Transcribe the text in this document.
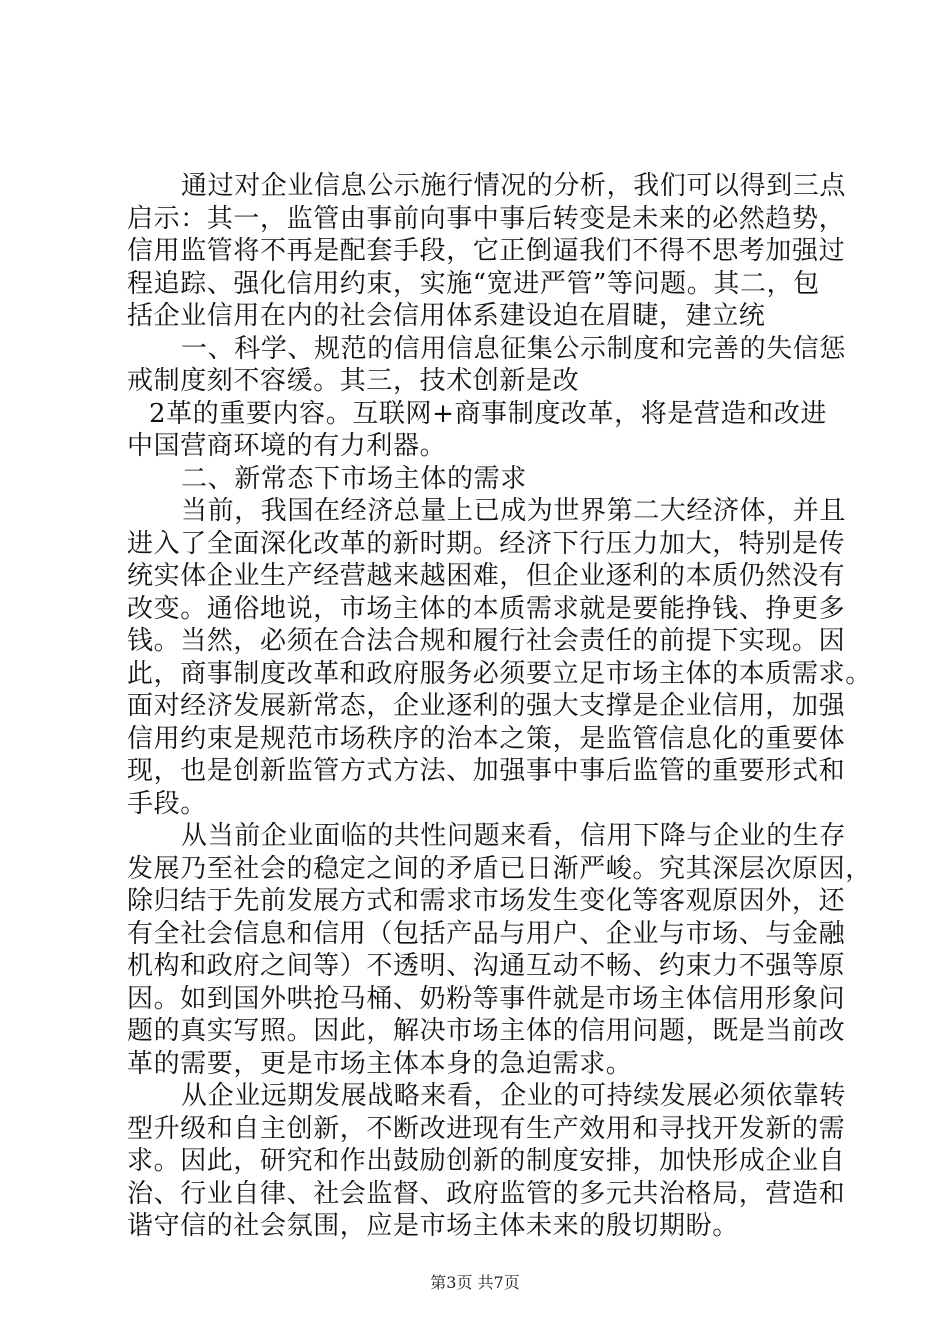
通过对企业信息公示施行情况的分析，我们可以得到三点
启示：其一，监管由事前向事中事后转变是未来的必然趋势，
信用监管将不再是配套手段，它正倒逼我们不得不思考加强过
程追踪、强化信用约束，实施“宽进严管”等问题。其二，包
括企业信用在内的社会信用体系建设迫在眉睫，建立统
一、科学、规范的信用信息征集公示制度和完善的失信惩
戒制度刻不容缓。其三，技术创新是改
2革的重要内容。互联网+商事制度改革，将是营造和改进
中国营商环境的有力利器。
二、新常态下市场主体的需求
当前，我国在经济总量上已成为世界第二大经济体，并且
进入了全面深化改革的新时期。经济下行压力加大，特别是传
统实体企业生产经营越来越困难，但企业逐利的本质仍然没有
改变。通俗地说，市场主体的本质需求就是要能挣钱、挣更多
钱。当然，必须在合法合规和履行社会责任的前提下实现。因
此，商事制度改革和政府服务必须要立足市场主体的本质需求。
面对经济发展新常态，企业逐利的强大支撑是企业信用，加强
信用约束是规范市场秩序的治本之策，是监管信息化的重要体
现，也是创新监管方式方法、加强事中事后监管的重要形式和
手段。
从当前企业面临的共性问题来看，信用下降与企业的生存
发展乃至社会的稳定之间的矛盾已日渐严峻。究其深层次原因，
除归结于先前发展方式和需求市场发生变化等客观原因外，还
有全社会信息和信用（包括产品与用户、企业与市场、与金融
机构和政府之间等）不透明、沟通互动不畅、约束力不强等原
因。如到国外哄抢马桶、奶粉等事件就是市场主体信用形象问
题的真实写照。因此，解决市场主体的信用问题，既是当前改
革的需要，更是市场主体本身的急迫需求。
从企业远期发展战略来看，企业的可持续发展必须依靠转
型升级和自主创新，不断改进现有生产效用和寻找开发新的需
求。因此，研究和作出鼓励创新的制度安排，加快形成企业自
治、行业自律、社会监督、政府监管的多元共治格局，营造和
谐守信的社会氛围，应是市场主体未来的殷切期盼。
第3页 共7页
